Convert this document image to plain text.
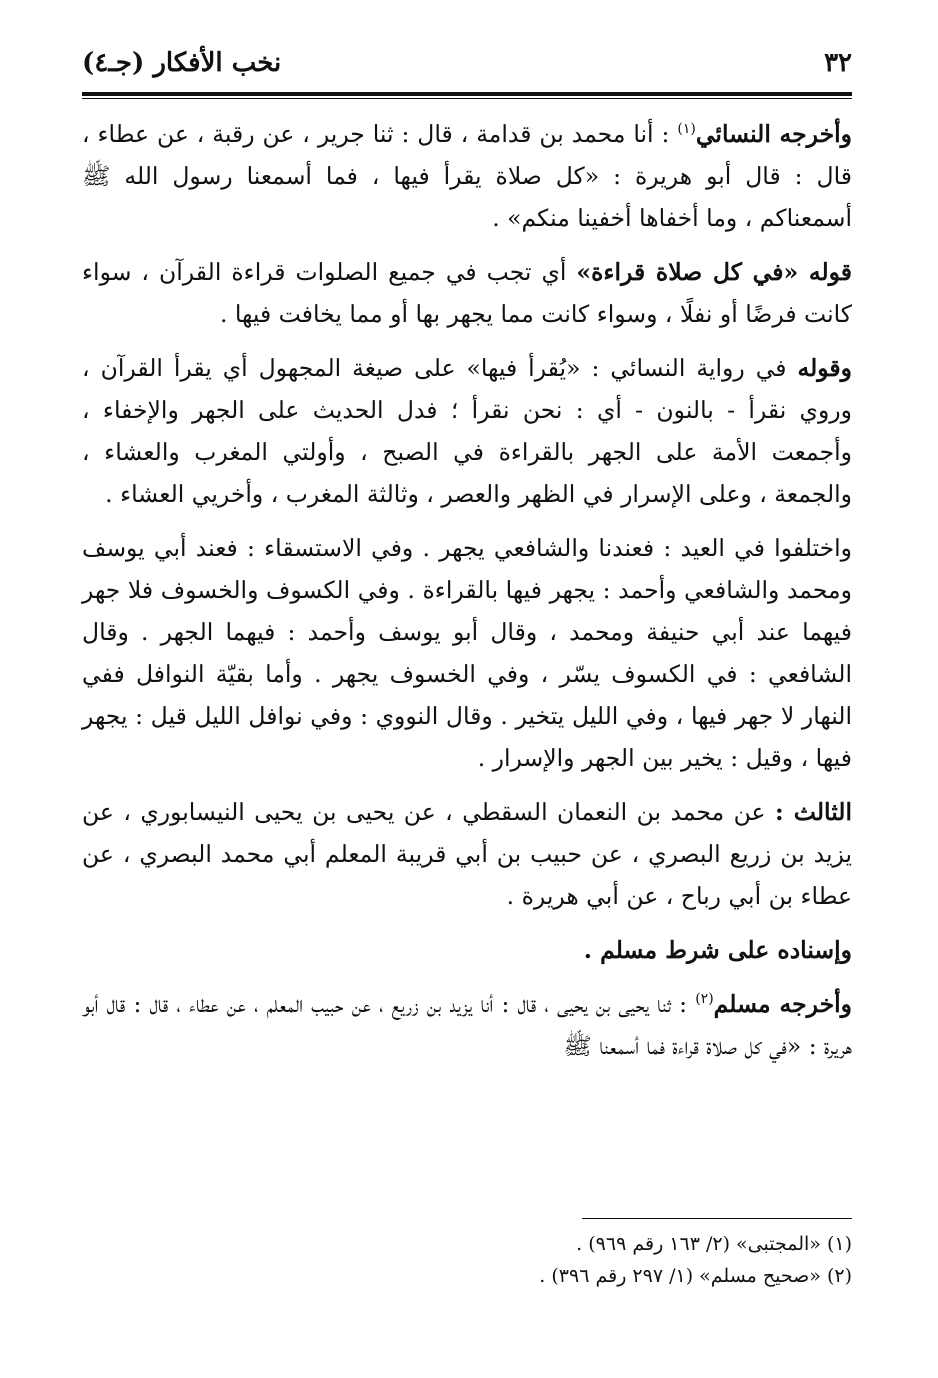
٣٢
نخب الأفكار (جـ٤)

وأخرجه النسائي$^{(١)}$ : أنا محمد بن قدامة ، قال : ثنا جرير ، عن رقبة ، عن عطاء ، قال : قال أبو هريرة : «كل صلاة يقرأ فيها ، فما أسمعنا رسول الله ﷺ أسمعناكم ، وما أخفاها أخفينا منكم» .

قوله «في كل صلاة قراءة» أي تجب في جميع الصلوات قراءة القرآن ، سواء كانت فرضًا أو نفلًا ، وسواء كانت مما يجهر بها أو مما يخافت فيها .

وقوله في رواية النسائي : «يُقرأ فيها» على صيغة المجهول أي يقرأ القرآن ، وروي نقرأ - بالنون - أي : نحن نقرأ ؛ فدل الحديث على الجهر والإخفاء ، وأجمعت الأمة على الجهر بالقراءة في الصبح ، وأولتي المغرب والعشاء ، والجمعة ، وعلى الإسرار في الظهر والعصر ، وثالثة المغرب ، وأخريي العشاء .

واختلفوا في العيد : فعندنا والشافعي يجهر . وفي الاستسقاء : فعند أبي يوسف ومحمد والشافعي وأحمد : يجهر فيها بالقراءة . وفي الكسوف والخسوف فلا جهر فيهما عند أبي حنيفة ومحمد ، وقال أبو يوسف وأحمد : فيهما الجهر . وقال الشافعي : في الكسوف يسّر ، وفي الخسوف يجهر . وأما بقيّة النوافل ففي النهار لا جهر فيها ، وفي الليل يتخير . وقال النووي : وفي نوافل الليل قيل : يجهر فيها ، وقيل : يخير بين الجهر والإسرار .

الثالث : عن محمد بن النعمان السقطي ، عن يحيى بن يحيى النيسابوري ، عن يزيد بن زريع البصري ، عن حبيب بن أبي قريبة المعلم أبي محمد البصري ، عن عطاء بن أبي رباح ، عن أبي هريرة .

وإسناده على شرط مسلم .

وأخرجه مسلم$^{(٢)}$ : ثنا يحيى بن يحيى ، قال : أنا يزيد بن زريع ، عن حبيب المعلم ، عن عطاء ، قال : قال أبو هريرة : «في كل صلاة قراءة فما أسمعنا ﷺ

(١) «المجتبى» (٢/ ١٦٣ رقم ٩٦٩) .

(٢) «صحيح مسلم» (١/ ٢٩٧ رقم ٣٩٦) .
